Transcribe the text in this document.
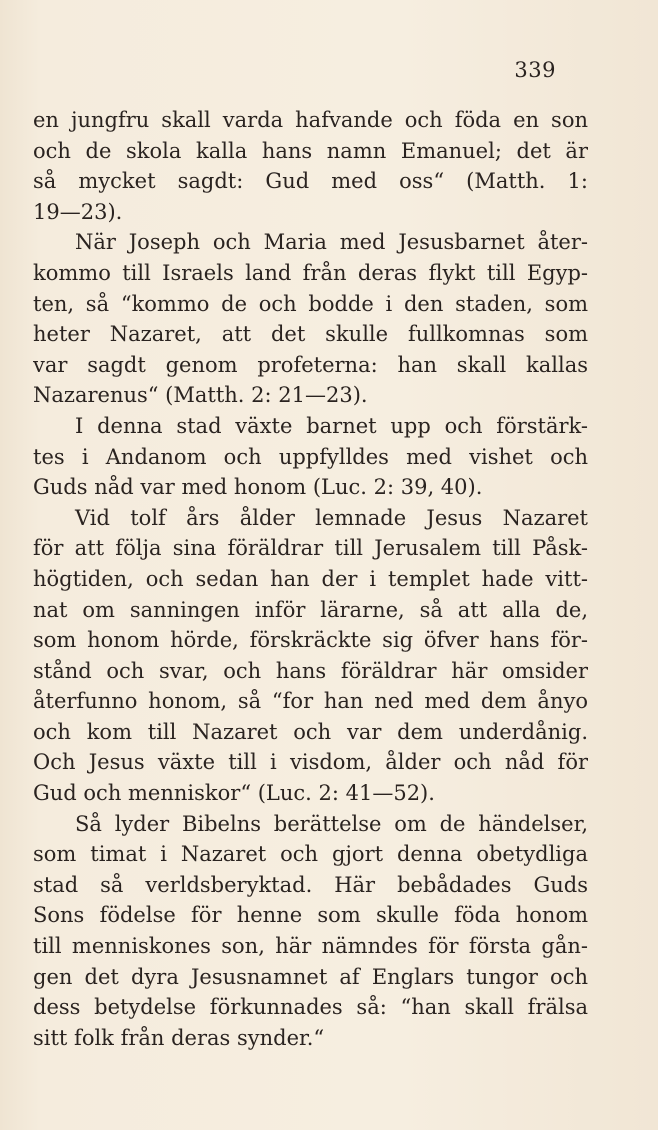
339
en jungfru skall varda hafvande och föda en son
och de skola kalla hans namn Emanuel; det är
så mycket sagdt: Gud med oss“ (Matth. 1:
19—23).
När Joseph och Maria med Jesusbarnet åter-
kommo till Israels land från deras flykt till Egyp-
ten, så “kommo de och bodde i den staden, som
heter Nazaret, att det skulle fullkomnas som
var sagdt genom profeterna: han skall kallas
Nazarenus“ (Matth. 2: 21—23).
I denna stad växte barnet upp och förstärk-
tes i Andanom och uppfylldes med vishet och
Guds nåd var med honom (Luc. 2: 39, 40).
Vid tolf års ålder lemnade Jesus Nazaret
för att följa sina föräldrar till Jerusalem till Påsk-
högtiden, och sedan han der i templet hade vitt-
nat om sanningen inför lärarne, så att alla de,
som honom hörde, förskräckte sig öfver hans för-
stånd och svar, och hans föräldrar här omsider
återfunno honom, så “for han ned med dem ånyo
och kom till Nazaret och var dem underdånig.
Och Jesus växte till i visdom, ålder och nåd för
Gud och menniskor“ (Luc. 2: 41—52).
Så lyder Bibelns berättelse om de händelser,
som timat i Nazaret och gjort denna obetydliga
stad så verldsberyktad. Här bebådades Guds
Sons födelse för henne som skulle föda honom
till menniskones son, här nämndes för första gån-
gen det dyra Jesusnamnet af Englars tungor och
dess betydelse förkunnades så: “han skall frälsa
sitt folk från deras synder.“
